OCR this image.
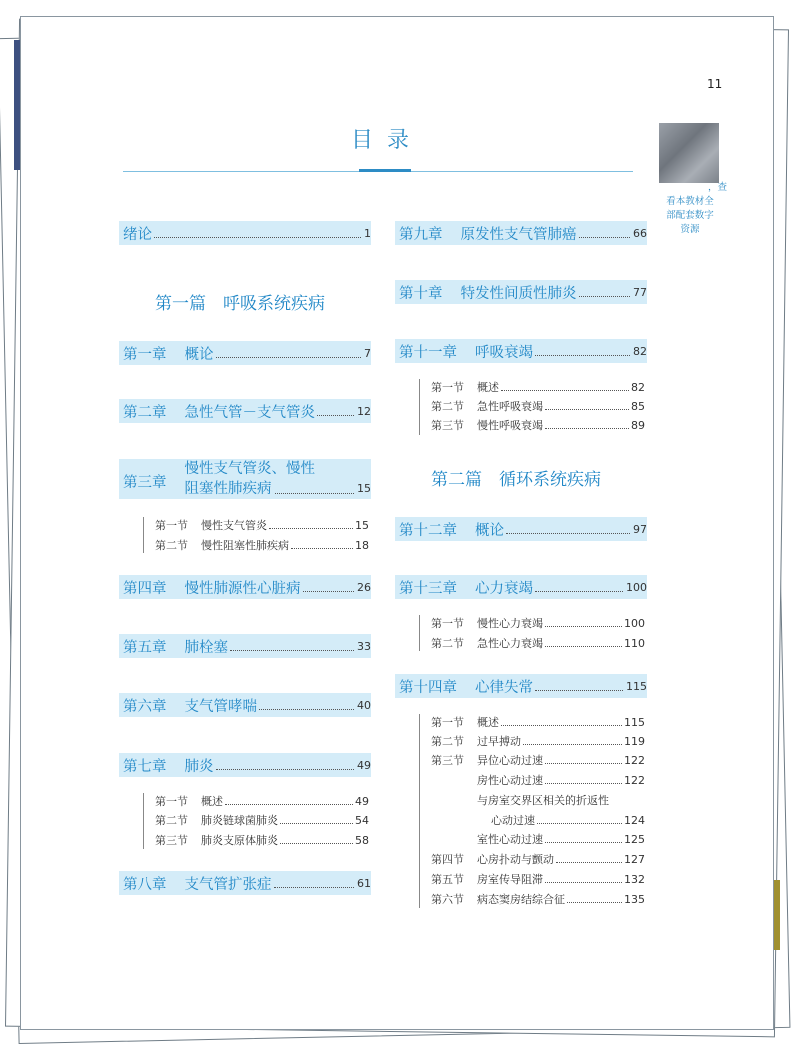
11
，查
看本教材全
部配套数字
资源
目录
绪论	1
第一篇　呼吸系统疾病
第一章 概论	7
第二章 急性气管－支气管炎	12
第三章
慢性支气管炎、慢性
阻塞性肺疾病	15
第一节	慢性支气管炎	15
第二节	慢性阻塞性肺疾病	18
第四章 慢性肺源性心脏病	26
第五章 肺栓塞	33
第六章 支气管哮喘	40
第七章 肺炎	49
第一节	概述	49
第二节	肺炎链球菌肺炎	54
第三节	肺炎支原体肺炎	58
第八章 支气管扩张症	61
第九章 原发性支气管肺癌	66
第十章 特发性间质性肺炎	77
第十一章 呼吸衰竭	82
第一节	概述	82
第二节	急性呼吸衰竭	85
第三节	慢性呼吸衰竭	89
第二篇　循环系统疾病
第十二章 概论	97
第十三章 心力衰竭	100
第一节	慢性心力衰竭	100
第二节	急性心力衰竭	110
第十四章 心律失常	115
第一节	概述	115
第二节	过早搏动	119
第三节	异位心动过速	122
房性心动过速	122
与房室交界区相关的折返性
心动过速	124
室性心动过速	125
第四节	心房扑动与颤动	127
第五节	房室传导阻滞	132
第六节	病态窦房结综合征	135
